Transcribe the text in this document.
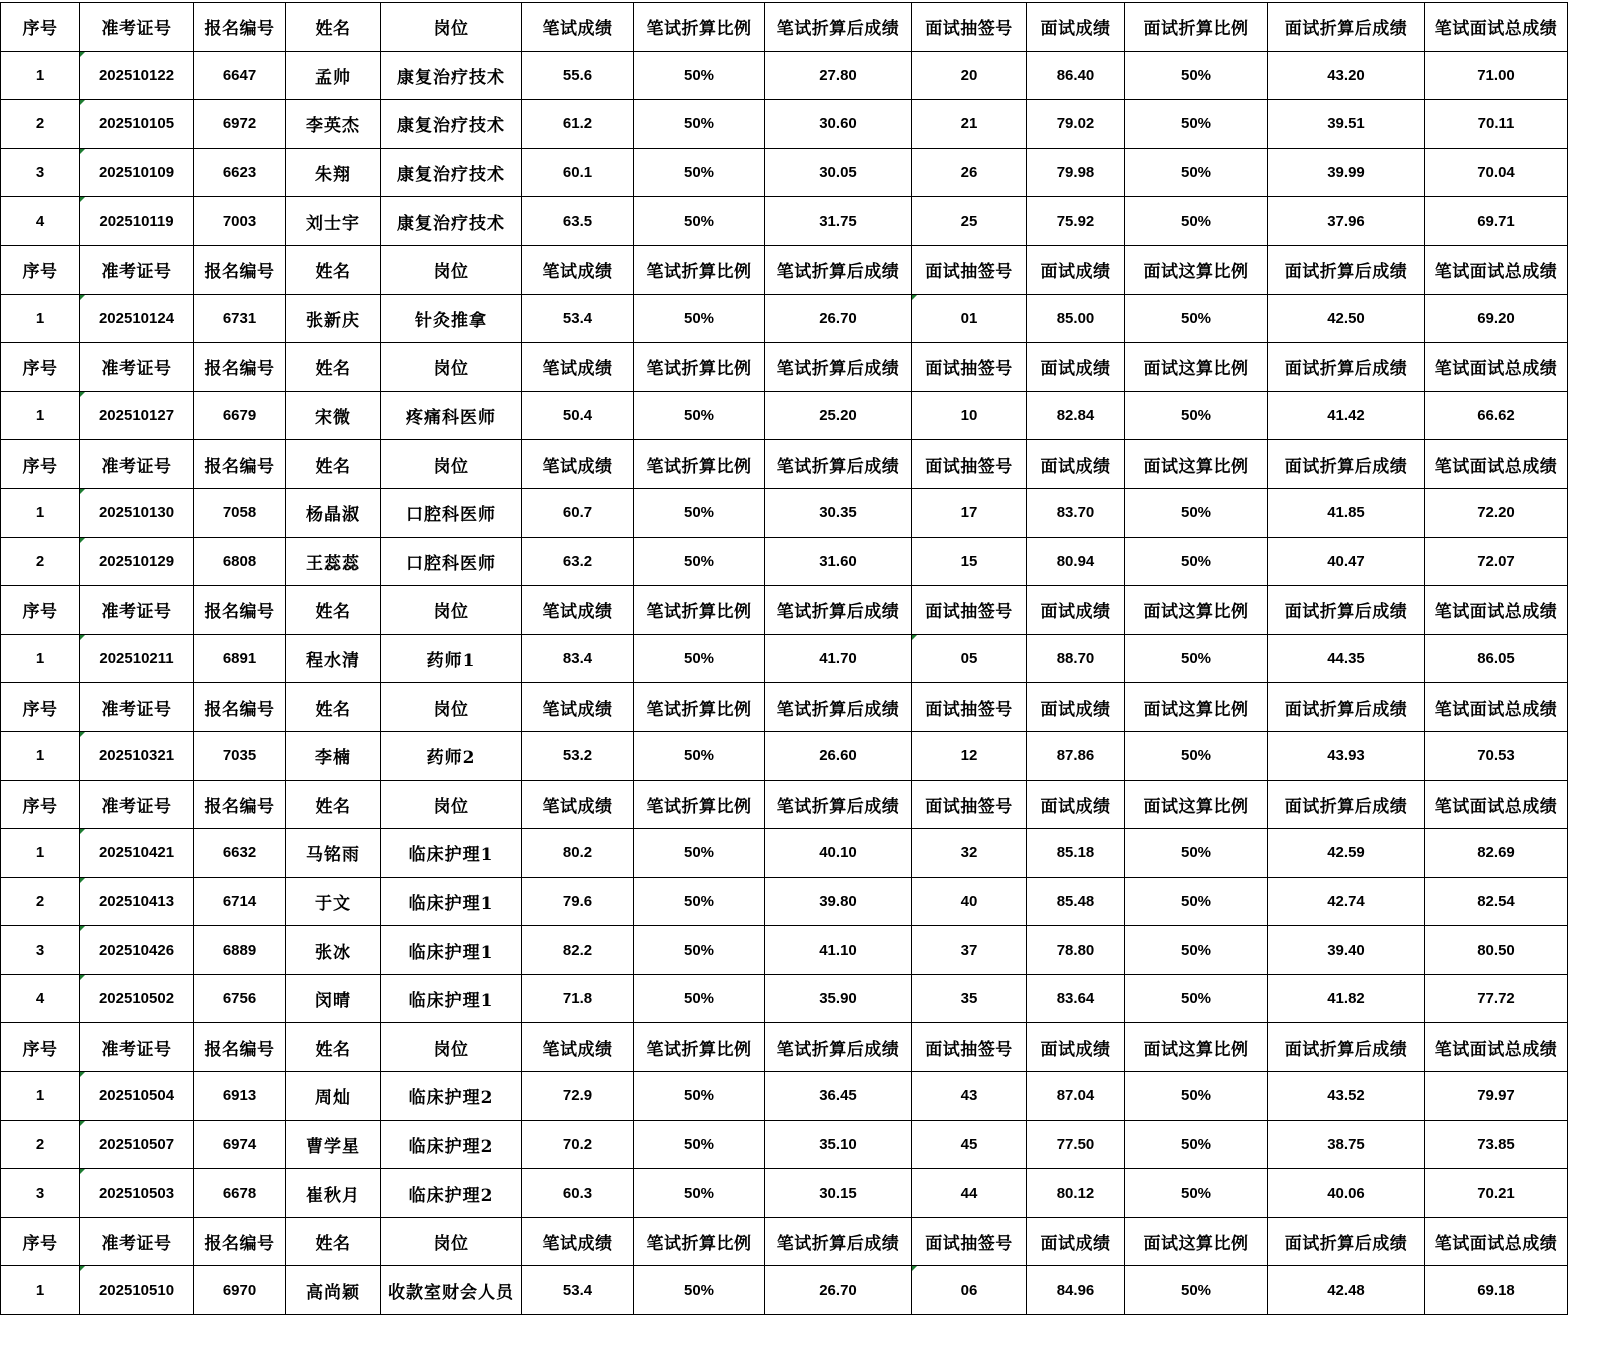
序号	准考证号	报名编号	姓名	岗位	笔试成绩	笔试折算比例	笔试折算后成绩	面试抽签号	面试成绩	面试折算比例	面试折算后成绩	笔试面试总成绩
1	202510122	6647	孟帅	康复治疗技术	55.6	50%	27.80	20	86.40	50%	43.20	71.00
2	202510105	6972	李英杰	康复治疗技术	61.2	50%	30.60	21	79.02	50%	39.51	70.11
3	202510109	6623	朱翔	康复治疗技术	60.1	50%	30.05	26	79.98	50%	39.99	70.04
4	202510119	7003	刘士宇	康复治疗技术	63.5	50%	31.75	25	75.92	50%	37.96	69.71
序号	准考证号	报名编号	姓名	岗位	笔试成绩	笔试折算比例	笔试折算后成绩	面试抽签号	面试成绩	面试这算比例	面试折算后成绩	笔试面试总成绩
1	202510124	6731	张新庆	针灸推拿	53.4	50%	26.70	01	85.00	50%	42.50	69.20
序号	准考证号	报名编号	姓名	岗位	笔试成绩	笔试折算比例	笔试折算后成绩	面试抽签号	面试成绩	面试这算比例	面试折算后成绩	笔试面试总成绩
1	202510127	6679	宋微	疼痛科医师	50.4	50%	25.20	10	82.84	50%	41.42	66.62
序号	准考证号	报名编号	姓名	岗位	笔试成绩	笔试折算比例	笔试折算后成绩	面试抽签号	面试成绩	面试这算比例	面试折算后成绩	笔试面试总成绩
1	202510130	7058	杨晶淑	口腔科医师	60.7	50%	30.35	17	83.70	50%	41.85	72.20
2	202510129	6808	王蕊蕊	口腔科医师	63.2	50%	31.60	15	80.94	50%	40.47	72.07
序号	准考证号	报名编号	姓名	岗位	笔试成绩	笔试折算比例	笔试折算后成绩	面试抽签号	面试成绩	面试这算比例	面试折算后成绩	笔试面试总成绩
1	202510211	6891	程水清	药师1	83.4	50%	41.70	05	88.70	50%	44.35	86.05
序号	准考证号	报名编号	姓名	岗位	笔试成绩	笔试折算比例	笔试折算后成绩	面试抽签号	面试成绩	面试这算比例	面试折算后成绩	笔试面试总成绩
1	202510321	7035	李楠	药师2	53.2	50%	26.60	12	87.86	50%	43.93	70.53
序号	准考证号	报名编号	姓名	岗位	笔试成绩	笔试折算比例	笔试折算后成绩	面试抽签号	面试成绩	面试这算比例	面试折算后成绩	笔试面试总成绩
1	202510421	6632	马铭雨	临床护理1	80.2	50%	40.10	32	85.18	50%	42.59	82.69
2	202510413	6714	于文	临床护理1	79.6	50%	39.80	40	85.48	50%	42.74	82.54
3	202510426	6889	张冰	临床护理1	82.2	50%	41.10	37	78.80	50%	39.40	80.50
4	202510502	6756	闵晴	临床护理1	71.8	50%	35.90	35	83.64	50%	41.82	77.72
序号	准考证号	报名编号	姓名	岗位	笔试成绩	笔试折算比例	笔试折算后成绩	面试抽签号	面试成绩	面试这算比例	面试折算后成绩	笔试面试总成绩
1	202510504	6913	周灿	临床护理2	72.9	50%	36.45	43	87.04	50%	43.52	79.97
2	202510507	6974	曹学星	临床护理2	70.2	50%	35.10	45	77.50	50%	38.75	73.85
3	202510503	6678	崔秋月	临床护理2	60.3	50%	30.15	44	80.12	50%	40.06	70.21
序号	准考证号	报名编号	姓名	岗位	笔试成绩	笔试折算比例	笔试折算后成绩	面试抽签号	面试成绩	面试这算比例	面试折算后成绩	笔试面试总成绩
1	202510510	6970	高尚颖	收款室财会人员	53.4	50%	26.70	06	84.96	50%	42.48	69.18
